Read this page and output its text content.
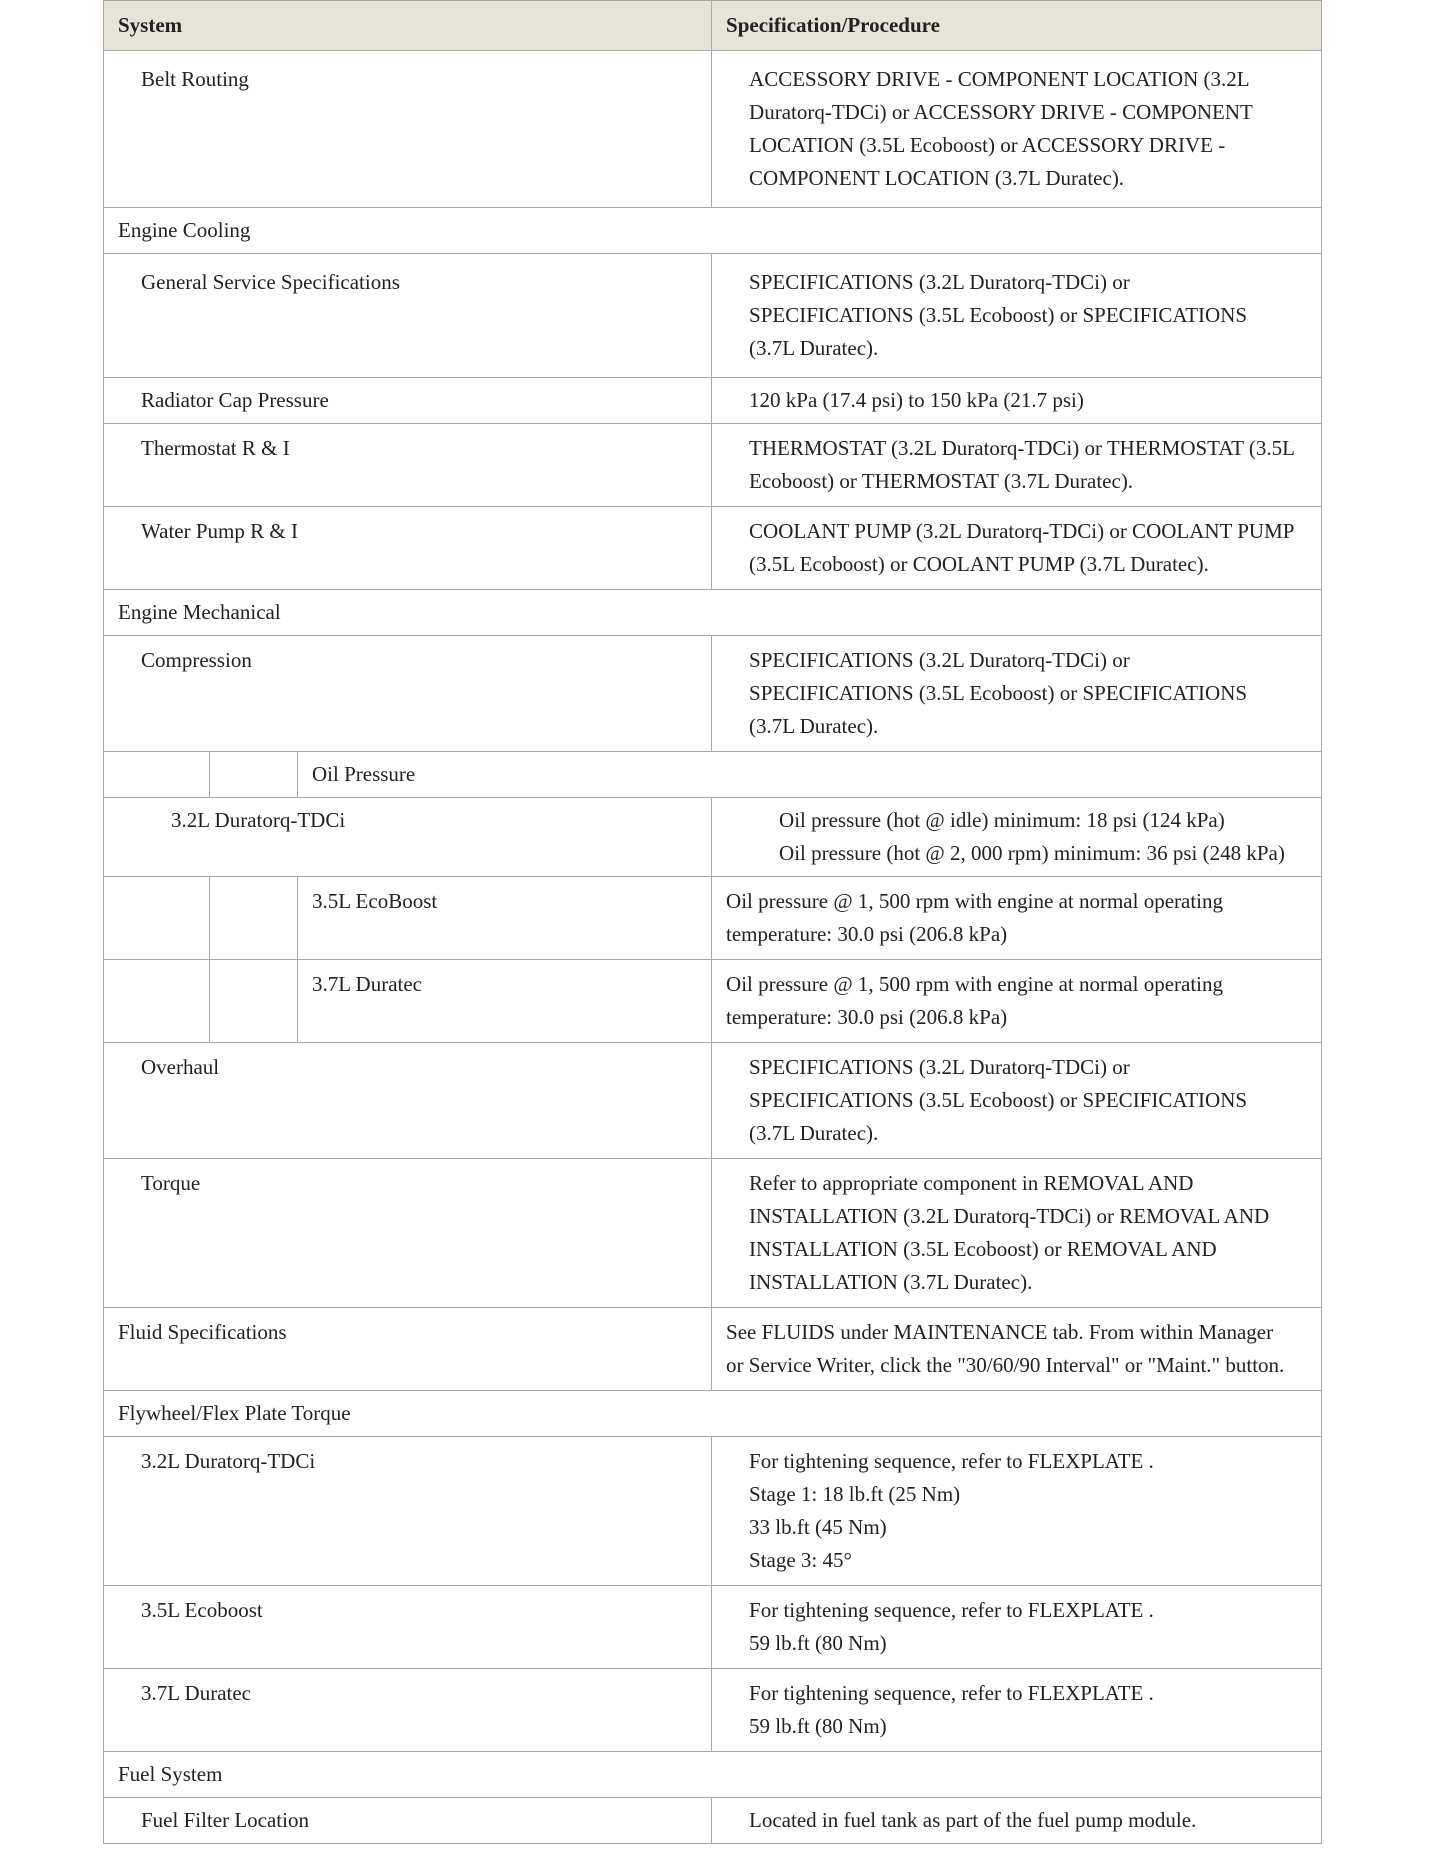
System			Specification/Procedure
Belt Routing			ACCESSORY DRIVE - COMPONENT LOCATION (3.2L
Duratorq-TDCi) or ACCESSORY DRIVE - COMPONENT
LOCATION (3.5L Ecoboost) or ACCESSORY DRIVE -
COMPONENT LOCATION (3.7L Duratec).

Engine Cooling			
General Service Specifications			SPECIFICATIONS (3.2L Duratorq-TDCi) or
SPECIFICATIONS (3.5L Ecoboost) or SPECIFICATIONS
(3.7L Duratec).

Radiator Cap Pressure			120 kPa (17.4 psi) to 150 kPa (21.7 psi)
Thermostat R & I			THERMOSTAT (3.2L Duratorq-TDCi) or THERMOSTAT (3.5L
Ecoboost) or THERMOSTAT (3.7L Duratec).

Water Pump R & I			COOLANT PUMP (3.2L Duratorq-TDCi) or COOLANT PUMP
(3.5L Ecoboost) or COOLANT PUMP (3.7L Duratec).

Engine Mechanical			
Compression			SPECIFICATIONS (3.2L Duratorq-TDCi) or
SPECIFICATIONS (3.5L Ecoboost) or SPECIFICATIONS
(3.7L Duratec).

		Oil Pressure	
3.2L Duratorq-TDCi			Oil pressure (hot @ idle) minimum: 18 psi (124 kPa)
Oil pressure (hot @ 2, 000 rpm) minimum: 36 psi (248 kPa)

		3.5L EcoBoost	Oil pressure @ 1, 500 rpm with engine at normal operating
temperature: 30.0 psi (206.8 kPa)

		3.7L Duratec	Oil pressure @ 1, 500 rpm with engine at normal operating
temperature: 30.0 psi (206.8 kPa)

Overhaul			SPECIFICATIONS (3.2L Duratorq-TDCi) or
SPECIFICATIONS (3.5L Ecoboost) or SPECIFICATIONS
(3.7L Duratec).

Torque			Refer to appropriate component in REMOVAL AND
INSTALLATION (3.2L Duratorq-TDCi) or REMOVAL AND
INSTALLATION (3.5L Ecoboost) or REMOVAL AND
INSTALLATION (3.7L Duratec).

Fluid Specifications			See FLUIDS under MAINTENANCE tab. From within Manager
or Service Writer, click the "30/60/90 Interval" or "Maint." button.

Flywheel/Flex Plate Torque			
3.2L Duratorq-TDCi			For tightening sequence, refer to FLEXPLATE .
Stage 1: 18 lb.ft (25 Nm)
33 lb.ft (45 Nm)
Stage 3: 45°

3.5L Ecoboost			For tightening sequence, refer to FLEXPLATE .
59 lb.ft (80 Nm)

3.7L Duratec			For tightening sequence, refer to FLEXPLATE .
59 lb.ft (80 Nm)

Fuel System			
Fuel Filter Location			Located in fuel tank as part of the fuel pump module.
